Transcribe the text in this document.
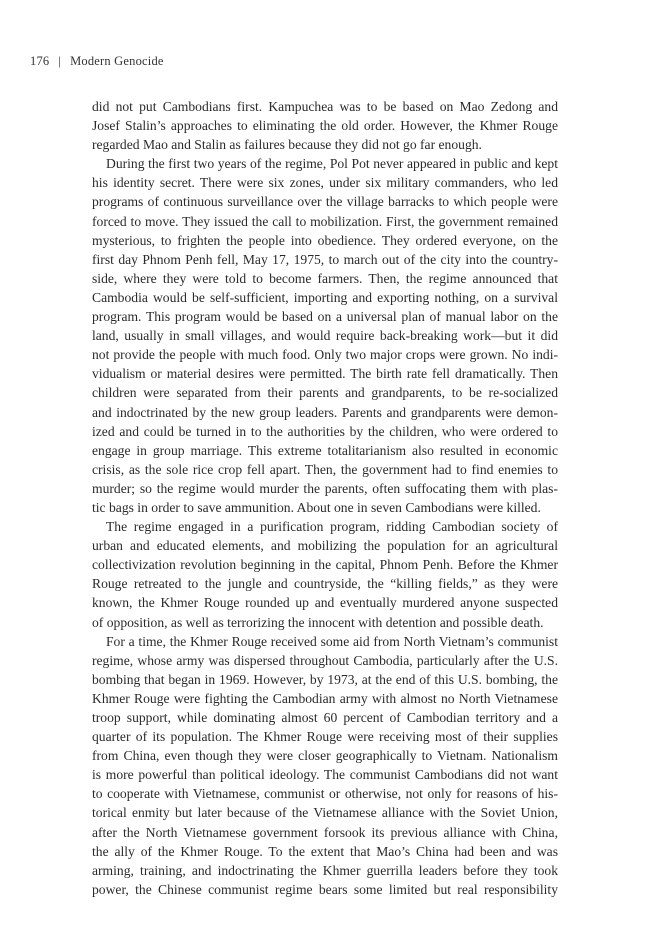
176 | Modern Genocide
did not put Cambodians first. Kampuchea was to be based on Mao Zedong and
Josef Stalin’s approaches to eliminating the old order. However, the Khmer Rouge
regarded Mao and Stalin as failures because they did not go far enough.
During the first two years of the regime, Pol Pot never appeared in public and kept
his identity secret. There were six zones, under six military commanders, who led
programs of continuous surveillance over the village barracks to which people were
forced to move. They issued the call to mobilization. First, the government remained
mysterious, to frighten the people into obedience. They ordered everyone, on the
first day Phnom Penh fell, May 17, 1975, to march out of the city into the country-
side, where they were told to become farmers. Then, the regime announced that
Cambodia would be self-sufficient, importing and exporting nothing, on a survival
program. This program would be based on a universal plan of manual labor on the
land, usually in small villages, and would require back-breaking work—but it did
not provide the people with much food. Only two major crops were grown. No indi-
vidualism or material desires were permitted. The birth rate fell dramatically. Then
children were separated from their parents and grandparents, to be re-socialized
and indoctrinated by the new group leaders. Parents and grandparents were demon-
ized and could be turned in to the authorities by the children, who were ordered to
engage in group marriage. This extreme totalitarianism also resulted in economic
crisis, as the sole rice crop fell apart. Then, the government had to find enemies to
murder; so the regime would murder the parents, often suffocating them with plas-
tic bags in order to save ammunition. About one in seven Cambodians were killed.
The regime engaged in a purification program, ridding Cambodian society of
urban and educated elements, and mobilizing the population for an agricultural
collectivization revolution beginning in the capital, Phnom Penh. Before the Khmer
Rouge retreated to the jungle and countryside, the “killing fields,” as they were
known, the Khmer Rouge rounded up and eventually murdered anyone suspected
of opposition, as well as terrorizing the innocent with detention and possible death.
For a time, the Khmer Rouge received some aid from North Vietnam’s communist
regime, whose army was dispersed throughout Cambodia, particularly after the U.S.
bombing that began in 1969. However, by 1973, at the end of this U.S. bombing, the
Khmer Rouge were fighting the Cambodian army with almost no North Vietnamese
troop support, while dominating almost 60 percent of Cambodian territory and a
quarter of its population. The Khmer Rouge were receiving most of their supplies
from China, even though they were closer geographically to Vietnam. Nationalism
is more powerful than political ideology. The communist Cambodians did not want
to cooperate with Vietnamese, communist or otherwise, not only for reasons of his-
torical enmity but later because of the Vietnamese alliance with the Soviet Union,
after the North Vietnamese government forsook its previous alliance with China,
the ally of the Khmer Rouge. To the extent that Mao’s China had been and was
arming, training, and indoctrinating the Khmer guerrilla leaders before they took
power, the Chinese communist regime bears some limited but real responsibility
